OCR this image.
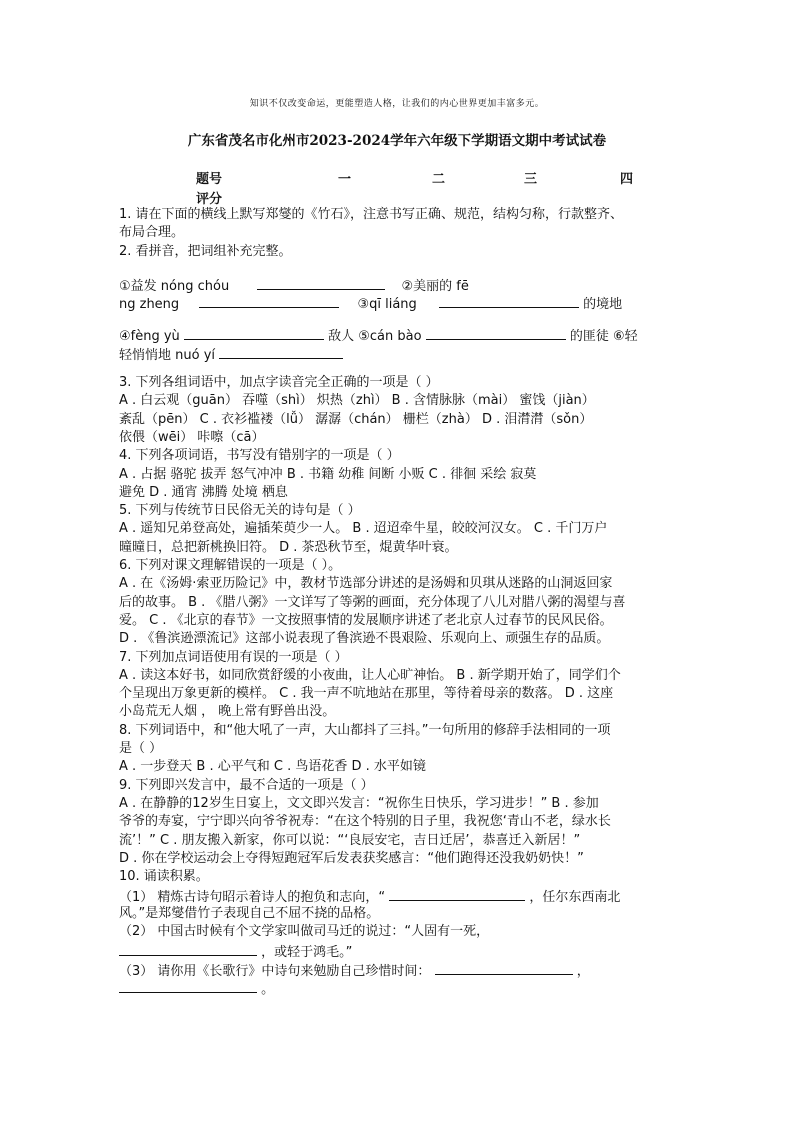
知识不仅改变命运，更能塑造人格，让我们的内心世界更加丰富多元。
广东省茂名市化州市2023-2024学年六年级下学期语文期中考试试卷
题号	一	二	三	四
评分
1. 请在下面的横线上默写郑燮的《竹石》，注意书写正确、规范，结构匀称，行款整齐、
布局合理。
2. 看拼音，把词组补充完整。
①益发 nóng chóu	②美丽的 fē
ng zheng	③qī liáng	的境地
④fèng yù	敌人 ⑤cán bào	的匪徒 ⑥轻
轻悄悄地 nuó yí
3. 下列各组词语中，加点字读音完全正确的一项是（ ）
A . 白云观（guān） 吞噬（shì） 炽热（zhì） B . 含情脉脉（mài） 蜜饯（jiàn）
紊乱（pēn） C . 衣衫褴褛（lǚ） 潺潺（chán） 栅栏（zhà） D . 泪潸潸（sǒn）
依偎（wēi） 咔嚓（cā）
4. 下列各项词语，书写没有错别字的一项是（ ）
A . 占据 骆驼 拔弄 怒气冲冲 B . 书籍 幼稚 间断 小贩 C . 徘徊 采绘 寂莫
避免 D . 通宵 沸腾 处境 栖息
5. 下列与传统节日民俗无关的诗句是（ ）
A . 遥知兄弟登高处，遍插茱萸少一人。 B . 迢迢牵牛星，皎皎河汉女。 C . 千门万户
曈曈日，总把新桃换旧符。 D . 茶恐秋节至，焜黄华叶衰。
6. 下列对课文理解错误的一项是（ ）。
A . 在《汤姆·索亚历险记》中，教材节选部分讲述的是汤姆和贝琪从迷路的山洞返回家
后的故事。 B . 《腊八粥》一文详写了等粥的画面，充分体现了八儿对腊八粥的渴望与喜
爱。 C . 《北京的春节》一文按照事情的发展顺序讲述了老北京人过春节的民风民俗。
D . 《鲁滨逊漂流记》这部小说表现了鲁滨逊不畏艰险、乐观向上、顽强生存的品质。
7. 下列加点词语使用有误的一项是（ ）
A . 读这本好书，如同欣赏舒缓的小夜曲，让人心旷神怡。 B . 新学期开始了，同学们个
个呈现出万象更新的模样。 C . 我一声不吭地站在那里，等待着母亲的数落。 D . 这座
小岛荒无人烟 ， 晚上常有野兽出没。
8. 下列词语中，和“他大吼了一声，大山都抖了三抖。”一句所用的修辞手法相同的一项
是（ ）
A . 一步登天 B . 心平气和 C . 鸟语花香 D . 水平如镜
9. 下列即兴发言中，最不合适的一项是（ ）
A . 在静静的12岁生日宴上，文文即兴发言：“祝你生日快乐，学习进步！” B . 参加
爷爷的寿宴，宁宁即兴向爷爷祝寿：“在这个特别的日子里，我祝您‘青山不老，绿水长
流’！” C . 朋友搬入新家，你可以说：“‘良辰安宅，吉日迁居’，恭喜迁入新居！”
D . 你在学校运动会上夺得短跑冠军后发表获奖感言：“他们跑得还没我奶奶快！”
10. 诵读积累。
（1） 精炼古诗句昭示着诗人的抱负和志向，“	，任尔东西南北
风。”是郑燮借竹子表现自己不屈不挠的品格。
（2） 中国古时候有个文学家叫做司马迁的说过：“人固有一死，
，或轻于鸿毛。”
（3） 请你用《长歌行》中诗句来勉励自己珍惜时间：	，
。
